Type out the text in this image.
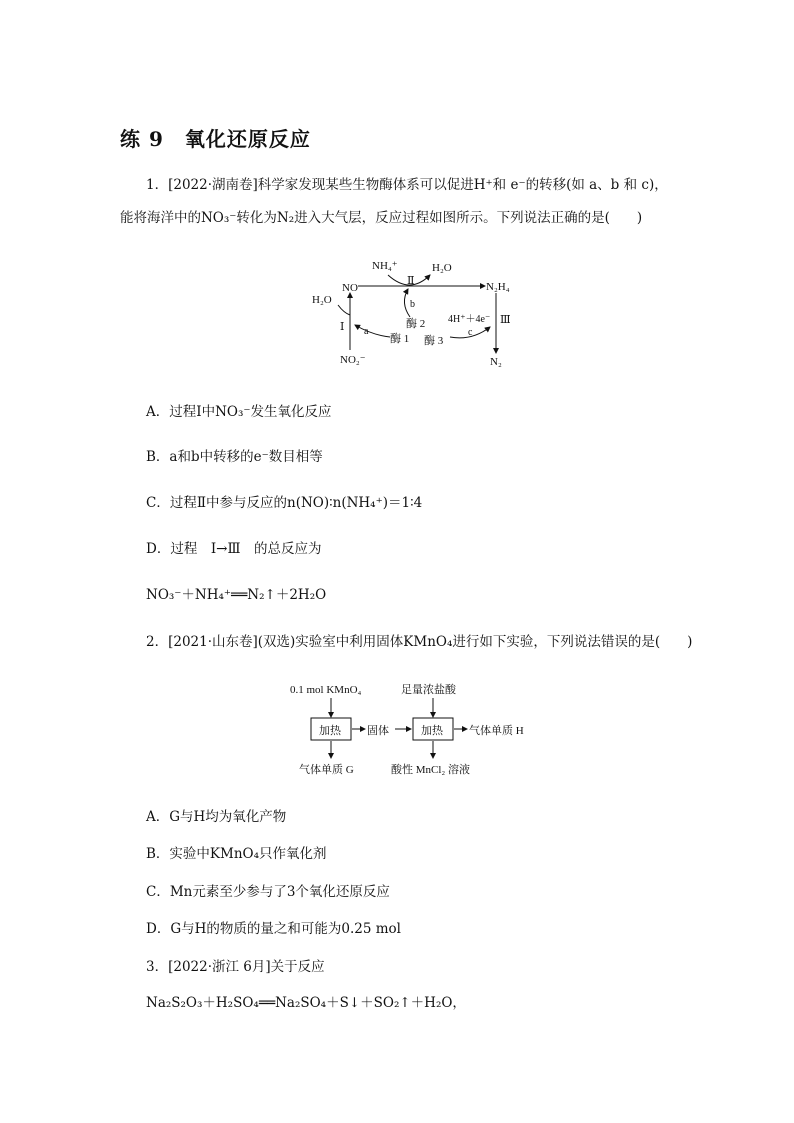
练 9　氧化还原反应
1．[2022·湖南卷]科学家发现某些生物酶体系可以促进H⁺和 e⁻的转移(如 a、b 和 c)，
能将海洋中的NO₃⁻转化为N₂进入大气层，反应过程如图所示。下列说法正确的是(　　)
NO
NH₄⁺	H₂O
N₂H₄
H₂O
Ⅰ
Ⅱ
Ⅲ
a
b
c
酶 1
酶 2
酶 3
4H⁺＋4e⁻
NO₂⁻	N₂
A．过程Ⅰ中NO₃⁻发生氧化反应
B．a和b中转移的e⁻数目相等
C．过程Ⅱ中参与反应的n(NO)∶n(NH₄⁺)＝1∶4
D．过程　Ⅰ→Ⅲ　的总反应为
NO₃⁻＋NH₄⁺══N₂↑＋2H₂O
2．[2021·山东卷](双选)实验室中利用固体KMnO₄进行如下实验，下列说法错误的是(　　)
0.1 mol KMnO₄	足量浓盐酸
加热	加热
固体	气体单质 H
气体单质 G	酸性 MnCl₂ 溶液
A．G与H均为氧化产物
B．实验中KMnO₄只作氧化剂
C．Mn元素至少参与了3个氧化还原反应
D．G与H的物质的量之和可能为0.25 mol
3．[2022·浙江 6月]关于反应
Na₂S₂O₃＋H₂SO₄══Na₂SO₄＋S↓＋SO₂↑＋H₂O，
